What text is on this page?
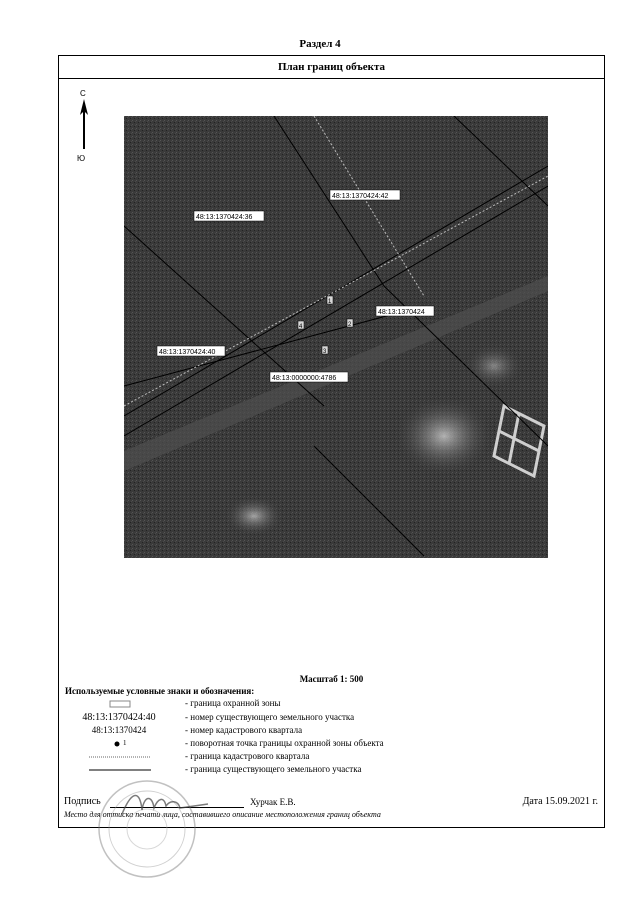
Раздел 4
План границ объекта
С
Ю
1
2
3
4
48:13:1370424:42
48:13:1370424:36
48:13:1370424
48:13:1370424:40
48:13:0000000:4786
Масштаб 1: 500
Используемые условные знаки и обозначения:
- граница охранной зоны
48:13:1370424:40	- номер существующего земельного участка
48:13:1370424	- номер кадастрового квартала
1	- поворотная точка границы охранной зоны объекта
- граница кадастрового квартала
- граница существующего земельного участка
Подпись	Хурчак Е.В.	Дата 15.09.2021 г.
Место для оттиска печати лица, составившего описание местоположения границ объекта
